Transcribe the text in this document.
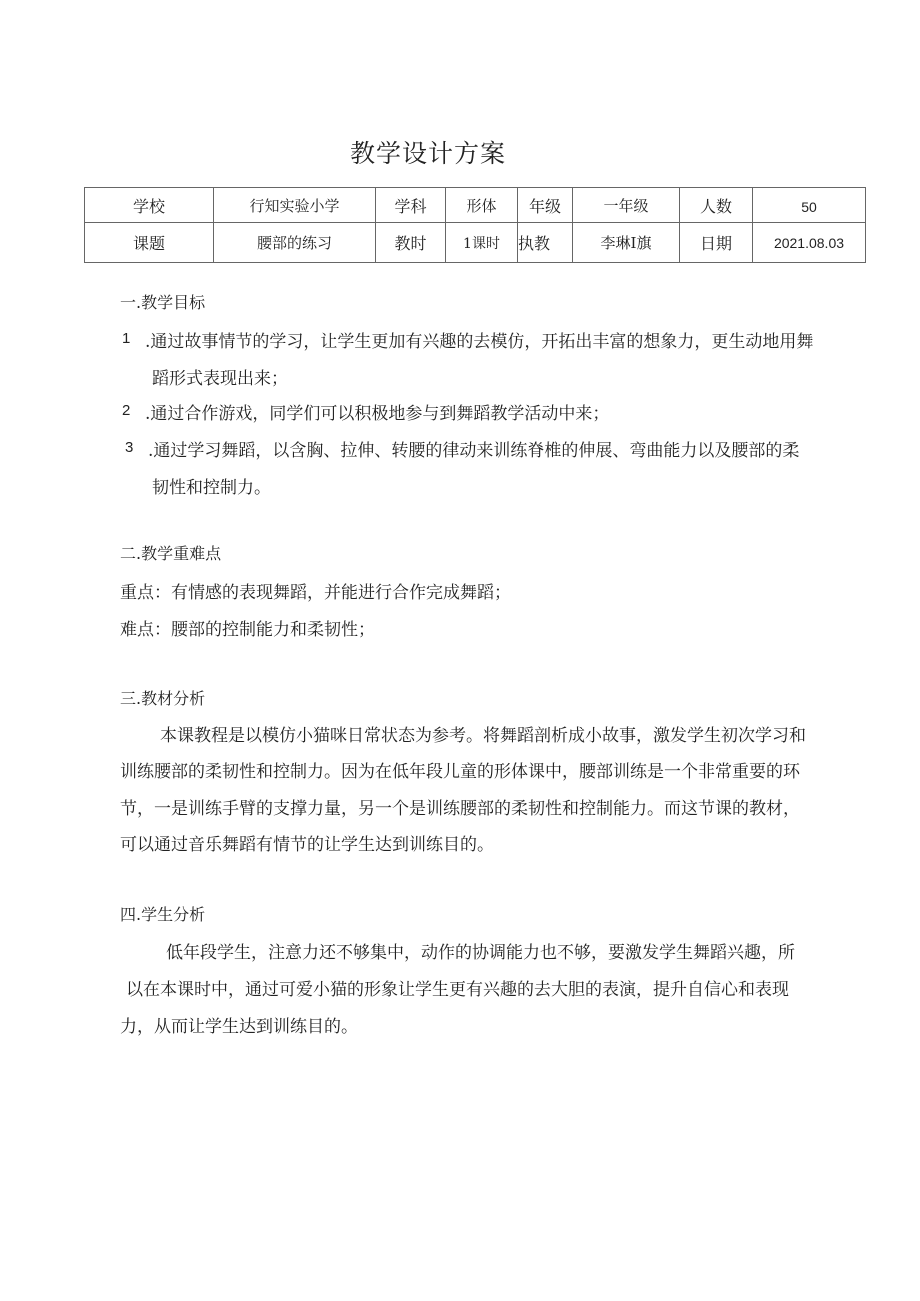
教学设计方案
学校	行知实验小学	学科	形体	年级	一年级	人数	50
课题	腰部的练习	教时	1课时	执教	李琳I旗	日期	2021.08.03
一.教学目标
1 .通过故事情节的学习，让学生更加有兴趣的去模仿，开拓出丰富的想象力，更生动地用舞
蹈形式表现出来；
2 .通过合作游戏，同学们可以积极地参与到舞蹈教学活动中来；
3 .通过学习舞蹈，以含胸、拉伸、转腰的律动来训练脊椎的伸展、弯曲能力以及腰部的柔
韧性和控制力。
二.教学重难点
重点：有情感的表现舞蹈，并能进行合作完成舞蹈；
难点：腰部的控制能力和柔韧性；
三.教材分析
本课教程是以模仿小猫咪日常状态为参考。将舞蹈剖析成小故事，激发学生初次学习和
训练腰部的柔韧性和控制力。因为在低年段儿童的形体课中，腰部训练是一个非常重要的环
节，一是训练手臂的支撑力量，另一个是训练腰部的柔韧性和控制能力。而这节课的教材，
可以通过音乐舞蹈有情节的让学生达到训练目的。
四.学生分析
低年段学生，注意力还不够集中，动作的协调能力也不够，要激发学生舞蹈兴趣，所
以在本课时中，通过可爱小猫的形象让学生更有兴趣的去大胆的表演，提升自信心和表现
力，从而让学生达到训练目的。
